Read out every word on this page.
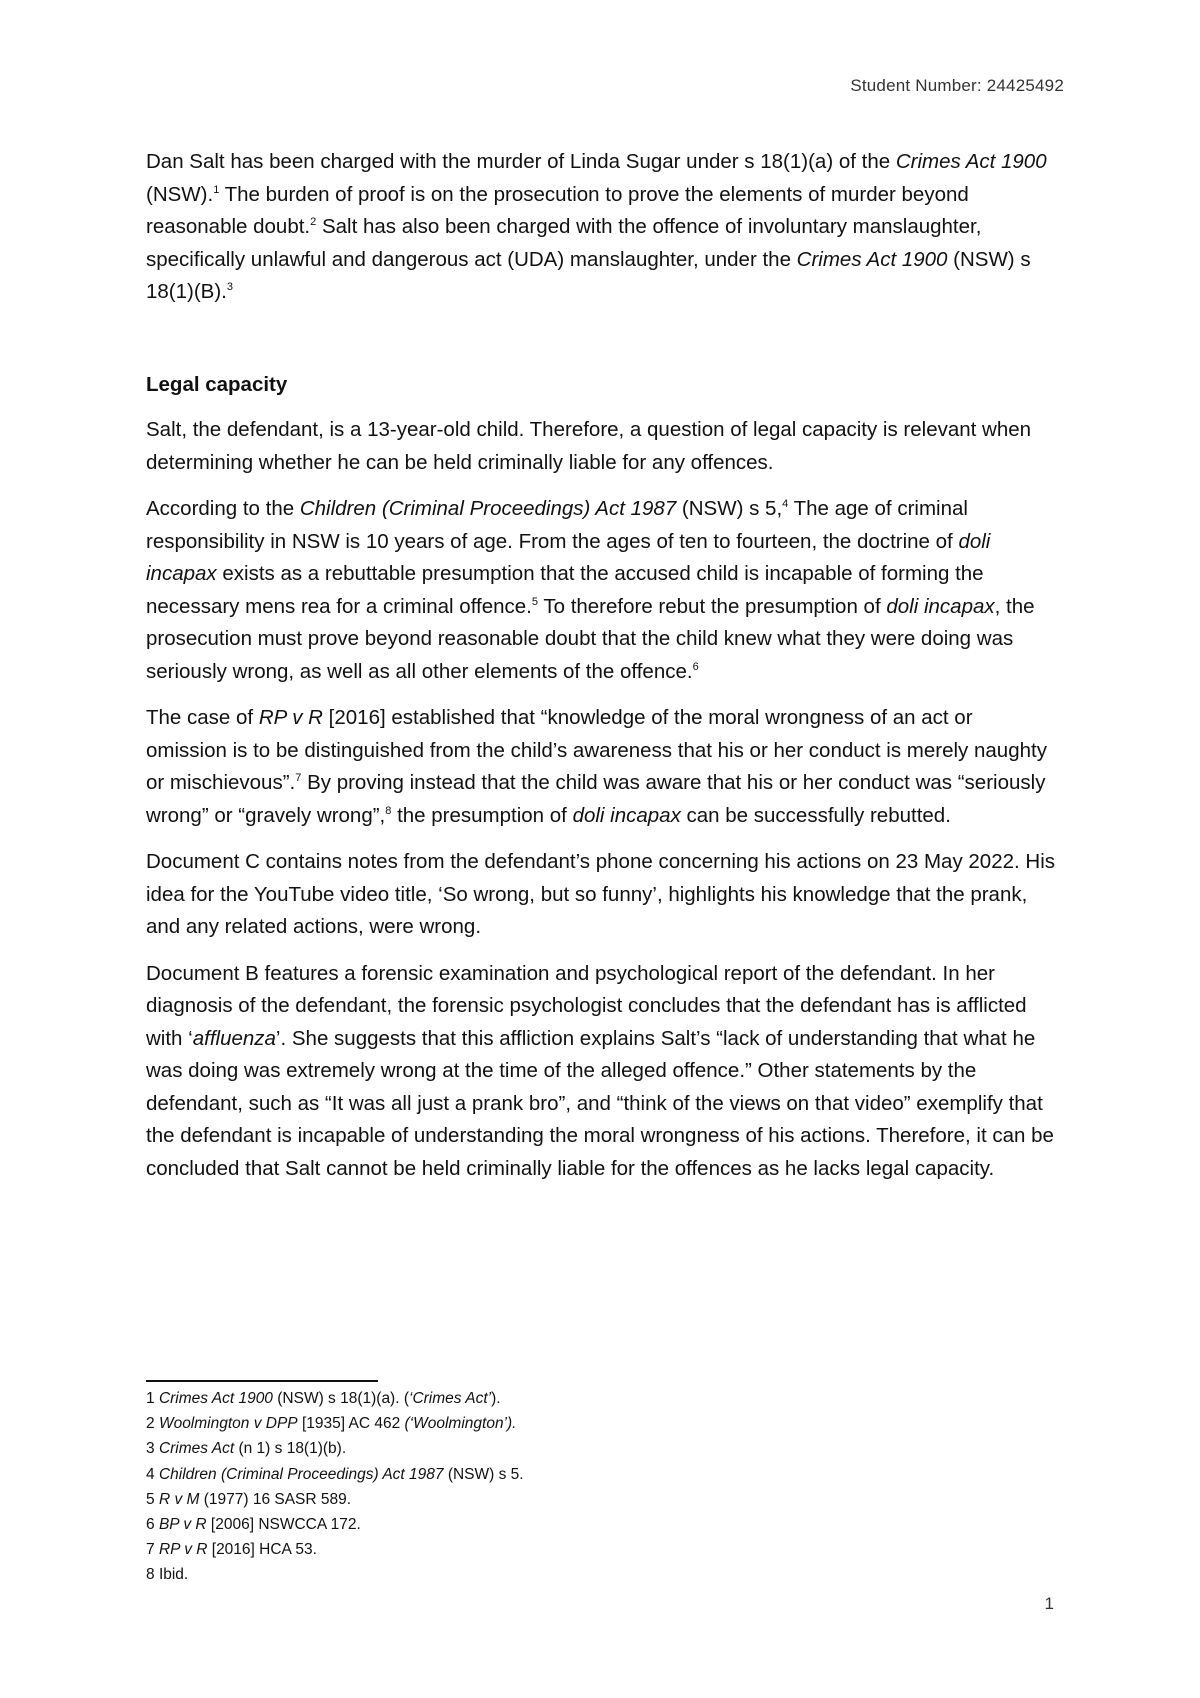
Student Number: 24425492

Dan Salt has been charged with the murder of Linda Sugar under s 18(1)(a) of the Crimes Act 1900 (NSW).$^1$ The burden of proof is on the prosecution to prove the elements of murder beyond reasonable doubt.$^2$ Salt has also been charged with the offence of involuntary manslaughter, specifically unlawful and dangerous act (UDA) manslaughter, under the Crimes Act 1900 (NSW) s 18(1)(B).$^3$

Legal capacity

Salt, the defendant, is a 13-year-old child. Therefore, a question of legal capacity is relevant when determining whether he can be held criminally liable for any offences.

According to the Children (Criminal Proceedings) Act 1987 (NSW) s 5,$^4$ The age of criminal responsibility in NSW is 10 years of age. From the ages of ten to fourteen, the doctrine of doli incapax exists as a rebuttable presumption that the accused child is incapable of forming the necessary mens rea for a criminal offence.$^5$ To therefore rebut the presumption of doli incapax, the prosecution must prove beyond reasonable doubt that the child knew what they were doing was seriously wrong, as well as all other elements of the offence.$^6$

The case of RP v R [2016] established that “knowledge of the moral wrongness of an act or omission is to be distinguished from the child’s awareness that his or her conduct is merely naughty or mischievous”.$^7$ By proving instead that the child was aware that his or her conduct was “seriously wrong” or “gravely wrong”,$^8$ the presumption of doli incapax can be successfully rebutted.

Document C contains notes from the defendant’s phone concerning his actions on 23 May 2022. His idea for the YouTube video title, ‘So wrong, but so funny’, highlights his knowledge that the prank, and any related actions, were wrong.

Document B features a forensic examination and psychological report of the defendant. In her diagnosis of the defendant, the forensic psychologist concludes that the defendant has is afflicted with ‘affluenza’. She suggests that this affliction explains Salt’s “lack of understanding that what he was doing was extremely wrong at the time of the alleged offence.” Other statements by the defendant, such as “It was all just a prank bro”, and “think of the views on that video” exemplify that the defendant is incapable of understanding the moral wrongness of his actions. Therefore, it can be concluded that Salt cannot be held criminally liable for the offences as he lacks legal capacity.

1 Crimes Act 1900 (NSW) s 18(1)(a). (‘Crimes Act’).
2 Woolmington v DPP [1935] AC 462 (‘Woolmington’).
3 Crimes Act (n 1) s 18(1)(b).
4 Children (Criminal Proceedings) Act 1987 (NSW) s 5.
5 R v M (1977) 16 SASR 589.
6 BP v R [2006] NSWCCA 172.
7 RP v R [2016] HCA 53.
8 Ibid.
1
